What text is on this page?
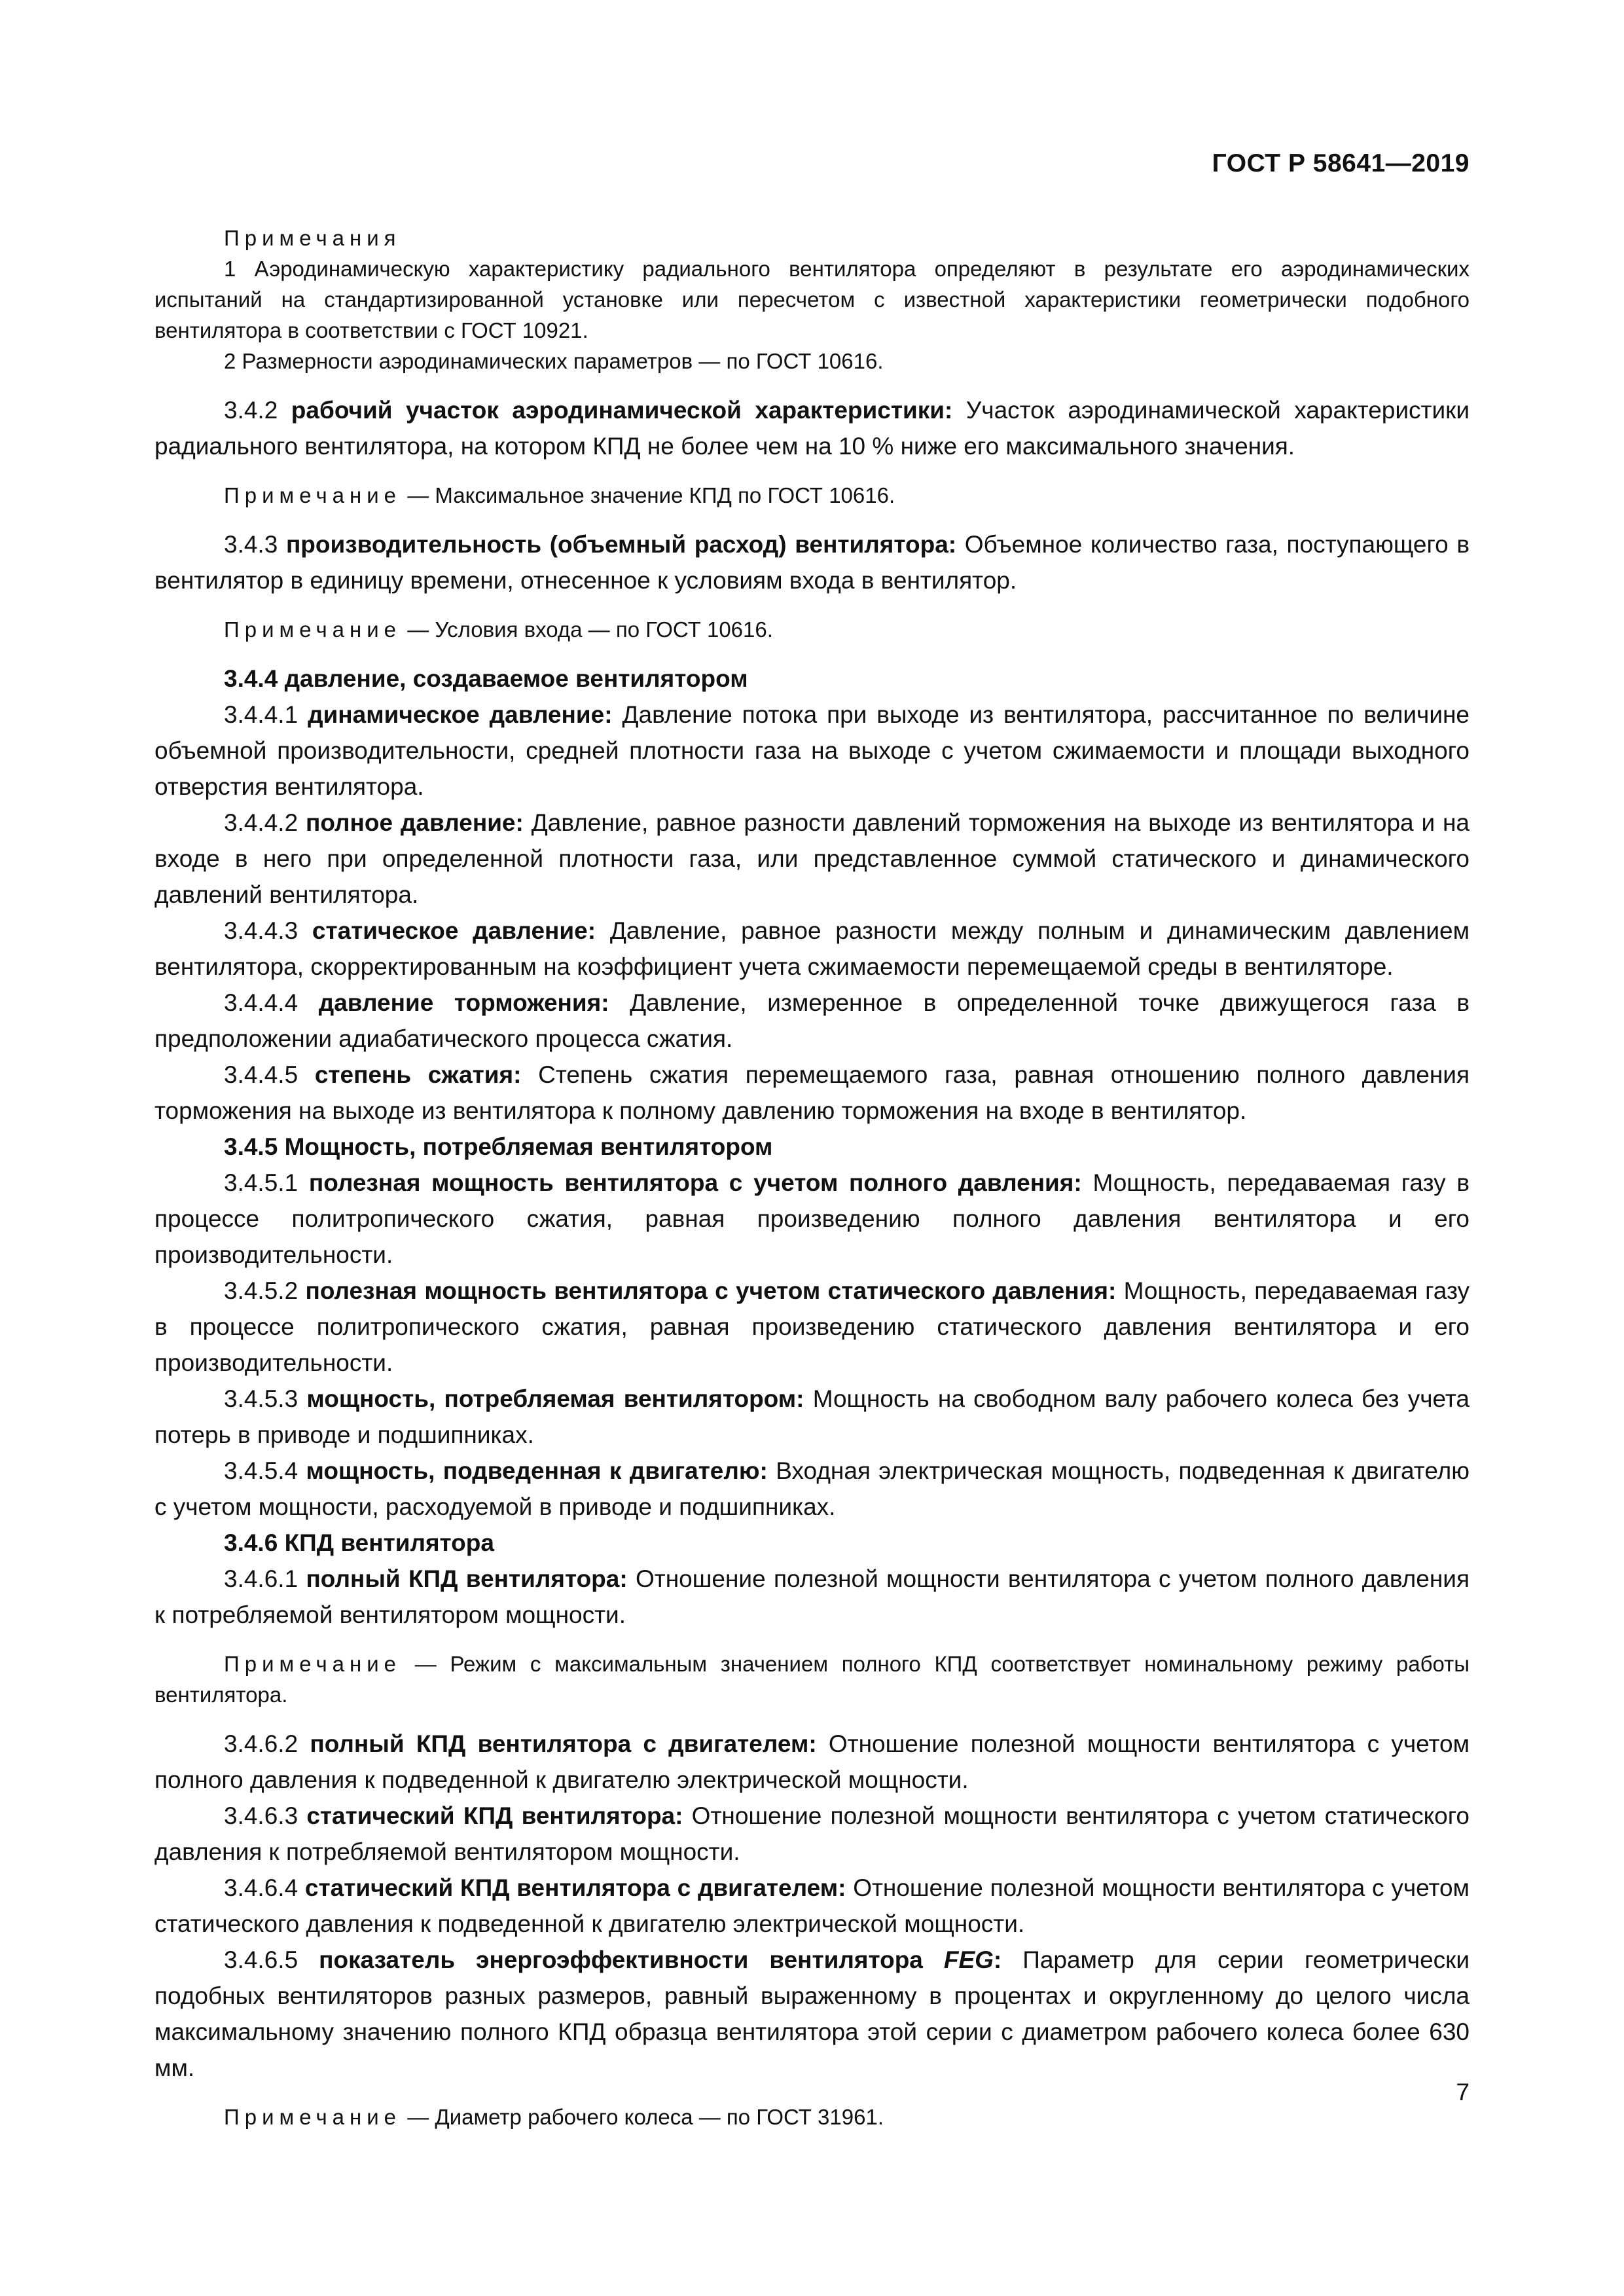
ГОСТ Р 58641—2019

Примечания

1 Аэродинамическую характеристику радиального вентилятора определяют в результате его аэродинамических испытаний на стандартизированной установке или пересчетом с известной характеристики геометрически подобного вентилятора в соответствии с ГОСТ 10921.

2 Размерности аэродинамических параметров — по ГОСТ 10616.

3.4.2 рабочий участок аэродинамической характеристики: Участок аэродинамической характеристики радиального вентилятора, на котором КПД не более чем на 10 % ниже его максимального значения.

Примечание — Максимальное значение КПД по ГОСТ 10616.

3.4.3 производительность (объемный расход) вентилятора: Объемное количество газа, поступающего в вентилятор в единицу времени, отнесенное к условиям входа в вентилятор.

Примечание — Условия входа — по ГОСТ 10616.

3.4.4 давление, создаваемое вентилятором

3.4.4.1 динамическое давление: Давление потока при выходе из вентилятора, рассчитанное по величине объемной производительности, средней плотности газа на выходе с учетом сжимаемости и площади выходного отверстия вентилятора.

3.4.4.2 полное давление: Давление, равное разности давлений торможения на выходе из вентилятора и на входе в него при определенной плотности газа, или представленное суммой статического и динамического давлений вентилятора.

3.4.4.3 статическое давление: Давление, равное разности между полным и динамическим давлением вентилятора, скорректированным на коэффициент учета сжимаемости перемещаемой среды в вентиляторе.

3.4.4.4 давление торможения: Давление, измеренное в определенной точке движущегося газа в предположении адиабатического процесса сжатия.

3.4.4.5 степень сжатия: Степень сжатия перемещаемого газа, равная отношению полного давления торможения на выходе из вентилятора к полному давлению торможения на входе в вентилятор.

3.4.5 Мощность, потребляемая вентилятором

3.4.5.1 полезная мощность вентилятора с учетом полного давления: Мощность, передаваемая газу в процессе политропического сжатия, равная произведению полного давления вентилятора и его производительности.

3.4.5.2 полезная мощность вентилятора с учетом статического давления: Мощность, передаваемая газу в процессе политропического сжатия, равная произведению статического давления вентилятора и его производительности.

3.4.5.3 мощность, потребляемая вентилятором: Мощность на свободном валу рабочего колеса без учета потерь в приводе и подшипниках.

3.4.5.4 мощность, подведенная к двигателю: Входная электрическая мощность, подведенная к двигателю с учетом мощности, расходуемой в приводе и подшипниках.

3.4.6 КПД вентилятора

3.4.6.1 полный КПД вентилятора: Отношение полезной мощности вентилятора с учетом полного давления к потребляемой вентилятором мощности.

Примечание — Режим с максимальным значением полного КПД соответствует номинальному режиму работы вентилятора.

3.4.6.2 полный КПД вентилятора с двигателем: Отношение полезной мощности вентилятора с учетом полного давления к подведенной к двигателю электрической мощности.

3.4.6.3 статический КПД вентилятора: Отношение полезной мощности вентилятора с учетом статического давления к потребляемой вентилятором мощности.

3.4.6.4 статический КПД вентилятора с двигателем: Отношение полезной мощности вентилятора с учетом статического давления к подведенной к двигателю электрической мощности.

3.4.6.5 показатель энергоэффективности вентилятора FEG: Параметр для серии геометрически подобных вентиляторов разных размеров, равный выраженному в процентах и округленному до целого числа максимальному значению полного КПД образца вентилятора этой серии с диаметром рабочего колеса более 630 мм.

Примечание — Диаметр рабочего колеса — по ГОСТ 31961.

7
